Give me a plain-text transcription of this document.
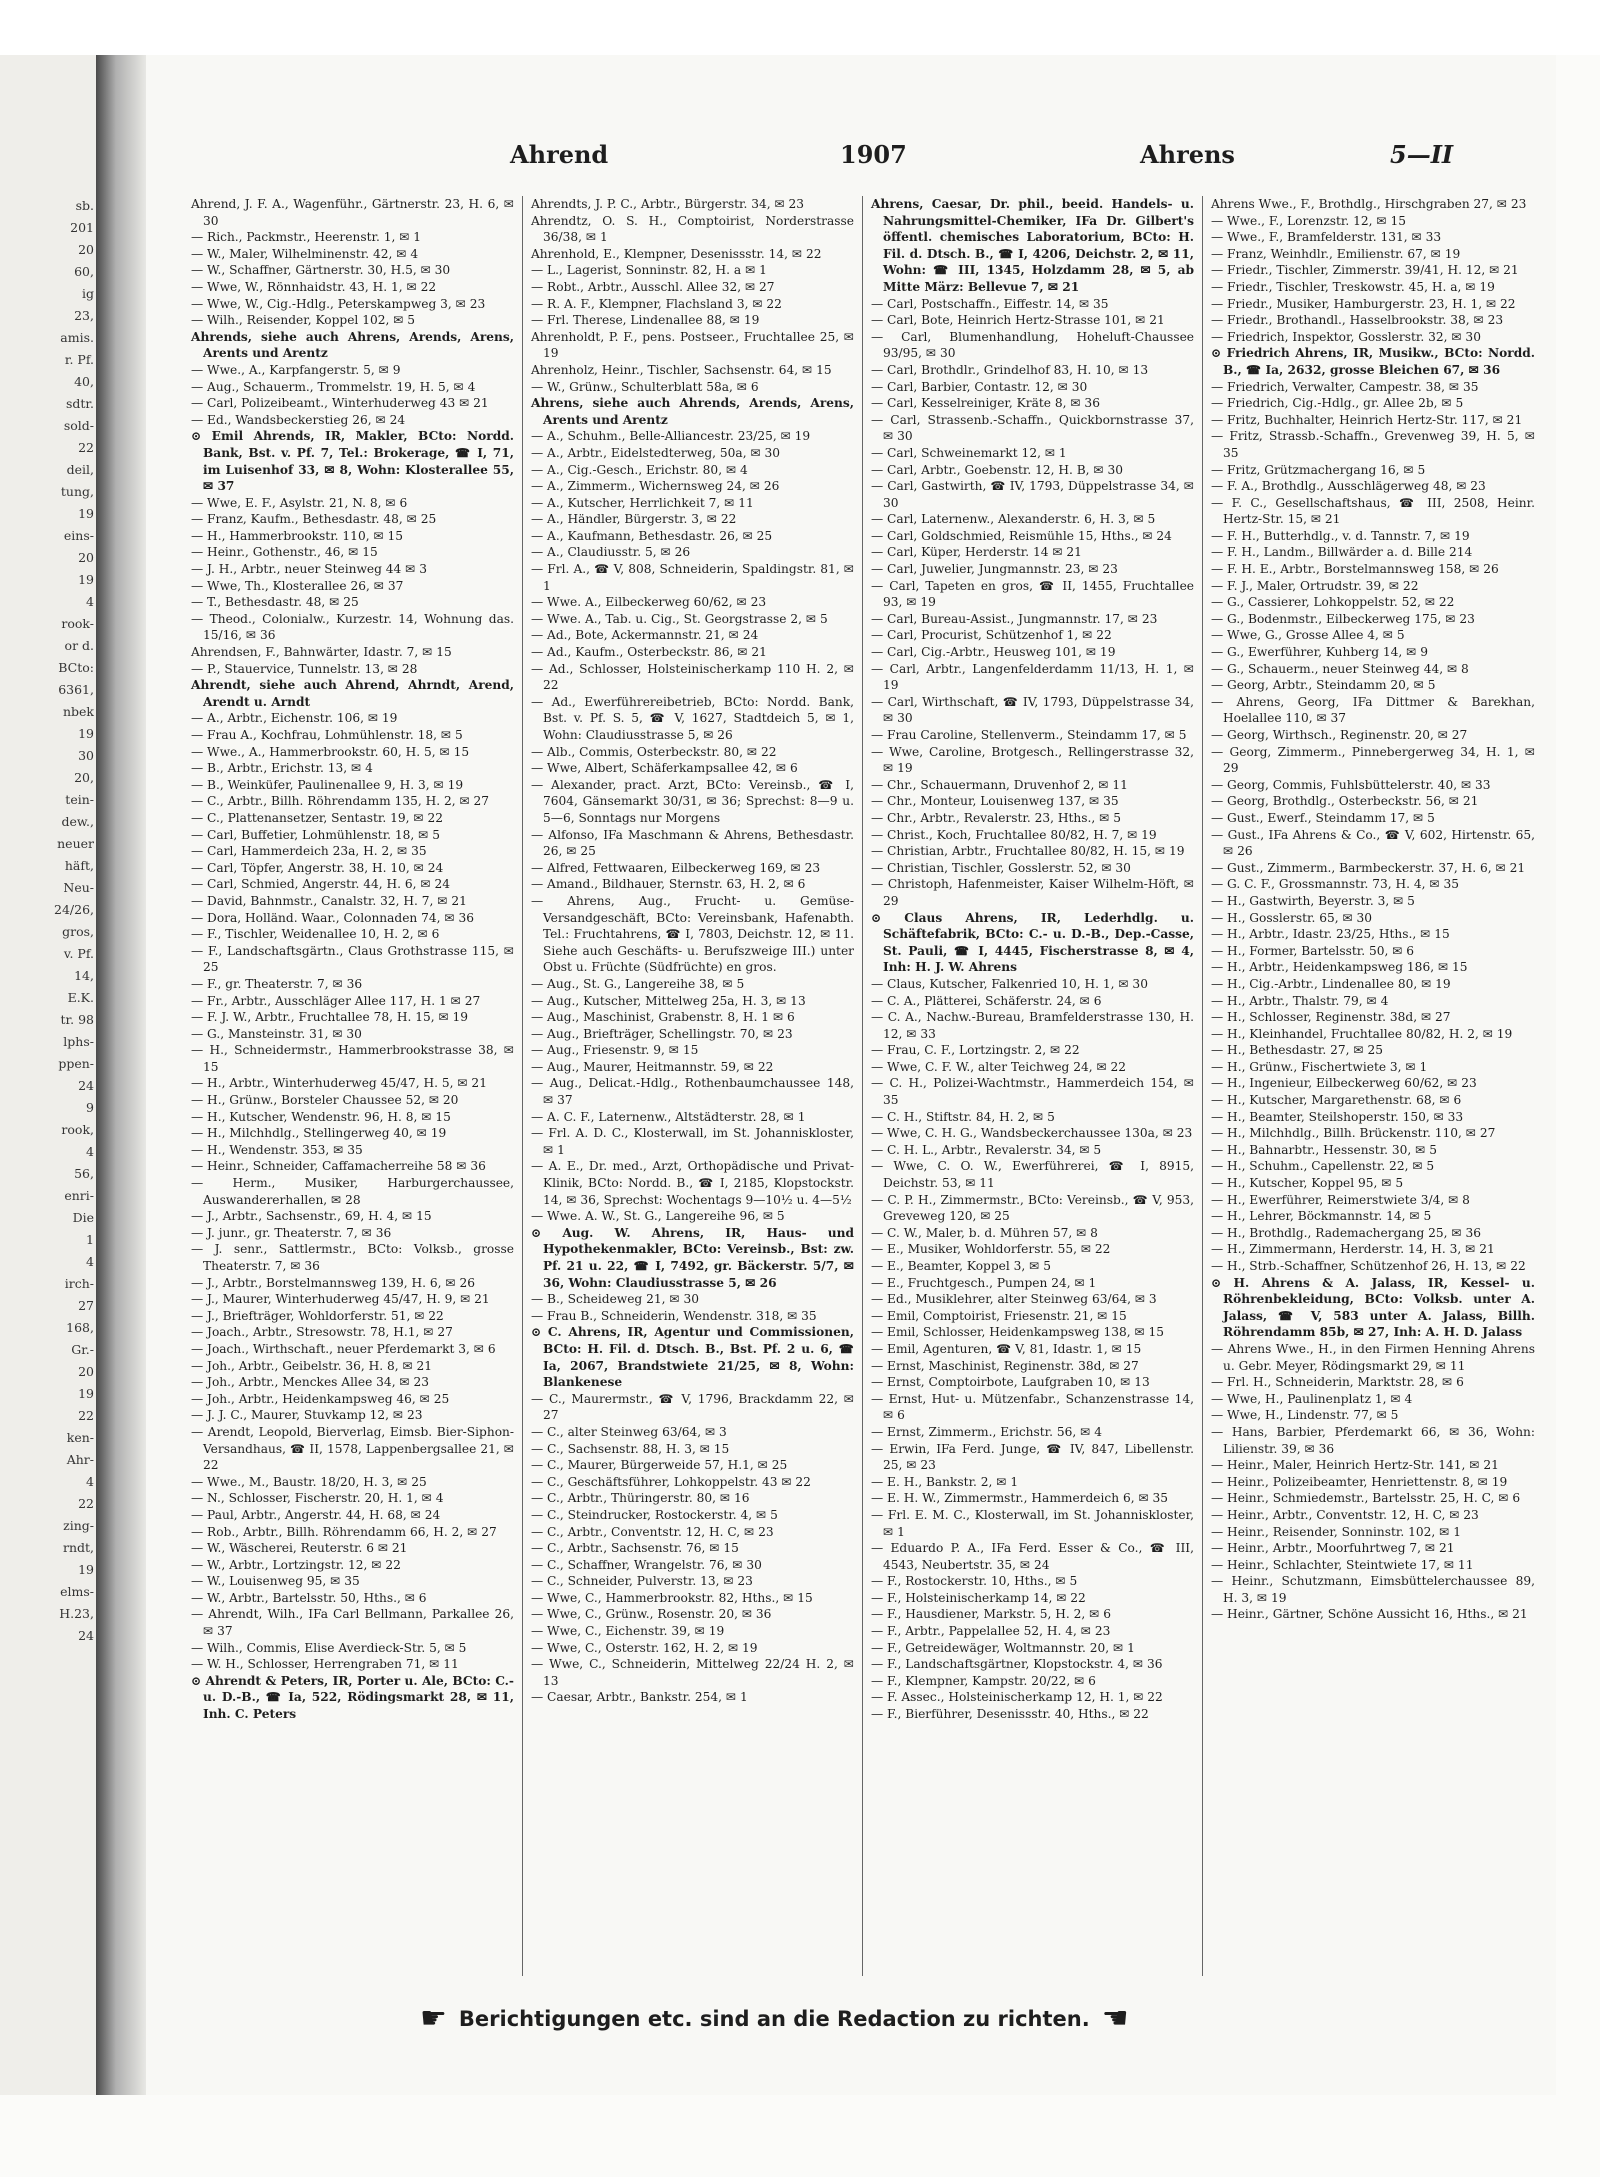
sb.
201
20
60,
ig
23,
amis.
r. Pf.
40,
sdtr.
sold-
22
deil,
tung,
19
eins-
20
19
4
rook-
or d.
BCto:
6361,
nbek
19
30
20,
tein-
dew.,
neuer
häft,
Neu-
24/26,
gros,
v. Pf.
14,
E.K.
tr. 98
lphs-
ppen-
24
9
rook,
4
56,
enri-
Die
1
4
irch-
27
168,
Gr.-
20
19
22
ken-
Ahr-
4
22
zing-
rndt,
19
elms-
H.23,
24
Ahrend	1907	Ahrens	5—II

Ahrend, J. F. A., Wagenführ., Gärtnerstr. 23, H. 6, ✉ 30

— Rich., Packmstr., Heerenstr. 1, ✉ 1

— W., Maler, Wilhelminenstr. 42, ✉ 4

— W., Schaffner, Gärtnerstr. 30, H.5, ✉ 30

— Wwe, W., Rönnhaidstr. 43, H. 1, ✉ 22

— Wwe, W., Cig.-Hdlg., Peterskampweg 3, ✉ 23

— Wilh., Reisender, Koppel 102, ✉ 5

Ahrends, siehe auch Ahrens, Arends, Arens, Arents und Arentz

— Wwe., A., Karpfangerstr. 5, ✉ 9

— Aug., Schauerm., Trommelstr. 19, H. 5, ✉ 4

— Carl, Polizeibeamt., Winterhuderweg 43 ✉ 21

— Ed., Wandsbeckerstieg 26, ✉ 24

⊙ Emil Ahrends, IR, Makler, BCto: Nordd. Bank, Bst. v. Pf. 7, Tel.: Brokerage, ☎ I, 71, im Luisenhof 33, ✉ 8, Wohn: Klosterallee 55, ✉ 37

— Wwe, E. F., Asylstr. 21, N. 8, ✉ 6

— Franz, Kaufm., Bethesdastr. 48, ✉ 25

— H., Hammerbrookstr. 110, ✉ 15

— Heinr., Gothenstr., 46, ✉ 15

— J. H., Arbtr., neuer Steinweg 44 ✉ 3

— Wwe, Th., Klosterallee 26, ✉ 37

— T., Bethesdastr. 48, ✉ 25

— Theod., Colonialw., Kurzestr. 14, Wohnung das. 15/16, ✉ 36

Ahrendsen, F., Bahnwärter, Idastr. 7, ✉ 15

— P., Stauervice, Tunnelstr. 13, ✉ 28

Ahrendt, siehe auch Ahrend, Ahrndt, Arend, Arendt u. Arndt

— A., Arbtr., Eichenstr. 106, ✉ 19

— Frau A., Kochfrau, Lohmühlenstr. 18, ✉ 5

— Wwe., A., Hammerbrookstr. 60, H. 5, ✉ 15

— B., Arbtr., Erichstr. 13, ✉ 4

— B., Weinküfer, Paulinenallee 9, H. 3, ✉ 19

— C., Arbtr., Billh. Röhrendamm 135, H. 2, ✉ 27

— C., Plattenansetzer, Sentastr. 19, ✉ 22

— Carl, Buffetier, Lohmühlenstr. 18, ✉ 5

— Carl, Hammerdeich 23a, H. 2, ✉ 35

— Carl, Töpfer, Angerstr. 38, H. 10, ✉ 24

— Carl, Schmied, Angerstr. 44, H. 6, ✉ 24

— David, Bahnmstr., Canalstr. 32, H. 7, ✉ 21

— Dora, Holländ. Waar., Colonnaden 74, ✉ 36

— F., Tischler, Weidenallee 10, H. 2, ✉ 6

— F., Landschaftsgärtn., Claus Grothstrasse 115, ✉ 25

— F., gr. Theaterstr. 7, ✉ 36

— Fr., Arbtr., Ausschläger Allee 117, H. 1 ✉ 27

— F. J. W., Arbtr., Fruchtallee 78, H. 15, ✉ 19

— G., Mansteinstr. 31, ✉ 30

— H., Schneidermstr., Hammerbrookstrasse 38, ✉ 15

— H., Arbtr., Winterhuderweg 45/47, H. 5, ✉ 21

— H., Grünw., Borsteler Chaussee 52, ✉ 20

— H., Kutscher, Wendenstr. 96, H. 8, ✉ 15

— H., Milchhdlg., Stellingerweg 40, ✉ 19

— H., Wendenstr. 353, ✉ 35

— Heinr., Schneider, Caffamacherreihe 58 ✉ 36

— Herm., Musiker, Harburgerchaussee, Auswandererhallen, ✉ 28

— J., Arbtr., Sachsenstr., 69, H. 4, ✉ 15

— J. junr., gr. Theaterstr. 7, ✉ 36

— J. senr., Sattlermstr., BCto: Volksb., grosse Theaterstr. 7, ✉ 36

— J., Arbtr., Borstelmannsweg 139, H. 6, ✉ 26

— J., Maurer, Winterhuderweg 45/47, H. 9, ✉ 21

— J., Briefträger, Wohldorferstr. 51, ✉ 22

— Joach., Arbtr., Stresowstr. 78, H.1, ✉ 27

— Joach., Wirthschaft., neuer Pferdemarkt 3, ✉ 6

— Joh., Arbtr., Geibelstr. 36, H. 8, ✉ 21

— Joh., Arbtr., Menckes Allee 34, ✉ 23

— Joh., Arbtr., Heidenkampsweg 46, ✉ 25

— J. J. C., Maurer, Stuvkamp 12, ✉ 23

— Arendt, Leopold, Bierverlag, Eimsb. Bier-Siphon-Versandhaus, ☎ II, 1578, Lappenbergsallee 21, ✉ 22

— Wwe., M., Baustr. 18/20, H. 3, ✉ 25

— N., Schlosser, Fischerstr. 20, H. 1, ✉ 4

— Paul, Arbtr., Angerstr. 44, H. 68, ✉ 24

— Rob., Arbtr., Billh. Röhrendamm 66, H. 2, ✉ 27

— W., Wäscherei, Reuterstr. 6 ✉ 21

— W., Arbtr., Lortzingstr. 12, ✉ 22

— W., Louisenweg 95, ✉ 35

— W., Arbtr., Bartelsstr. 50, Hths., ✉ 6

— Ahrendt, Wilh., IFa Carl Bellmann, Parkallee 26, ✉ 37

— Wilh., Commis, Elise Averdieck-Str. 5, ✉ 5

— W. H., Schlosser, Herrengraben 71, ✉ 11

⊙ Ahrendt & Peters, IR, Porter u. Ale, BCto: C.- u. D.-B., ☎ Ia, 522, Rödingsmarkt 28, ✉ 11, Inh. C. Peters

Ahrendts, J. P. C., Arbtr., Bürgerstr. 34, ✉ 23

Ahrendtz, O. S. H., Comptoirist, Norderstrasse 36/38, ✉ 1

Ahrenhold, E., Klempner, Desenissstr. 14, ✉ 22

— L., Lagerist, Sonninstr. 82, H. a ✉ 1

— Robt., Arbtr., Ausschl. Allee 32, ✉ 27

— R. A. F., Klempner, Flachsland 3, ✉ 22

— Frl. Therese, Lindenallee 88, ✉ 19

Ahrenholdt, P. F., pens. Postseer., Fruchtallee 25, ✉ 19

Ahrenholz, Heinr., Tischler, Sachsenstr. 64, ✉ 15

— W., Grünw., Schulterblatt 58a, ✉ 6

Ahrens, siehe auch Ahrends, Arends, Arens, Arents und Arentz

— A., Schuhm., Belle-Alliancestr. 23/25, ✉ 19

— A., Arbtr., Eidelstedterweg, 50a, ✉ 30

— A., Cig.-Gesch., Erichstr. 80, ✉ 4

— A., Zimmerm., Wichernsweg 24, ✉ 26

— A., Kutscher, Herrlichkeit 7, ✉ 11

— A., Händler, Bürgerstr. 3, ✉ 22

— A., Kaufmann, Bethesdastr. 26, ✉ 25

— A., Claudiusstr. 5, ✉ 26

— Frl. A., ☎ V, 808, Schneiderin, Spaldingstr. 81, ✉ 1

— Wwe. A., Eilbeckerweg 60/62, ✉ 23

— Wwe. A., Tab. u. Cig., St. Georgstrasse 2, ✉ 5

— Ad., Bote, Ackermannstr. 21, ✉ 24

— Ad., Kaufm., Osterbeckstr. 86, ✉ 21

— Ad., Schlosser, Holsteinischerkamp 110 H. 2, ✉ 22

— Ad., Ewerführereibetrieb, BCto: Nordd. Bank, Bst. v. Pf. S. 5, ☎ V, 1627, Stadtdeich 5, ✉ 1, Wohn: Claudiusstrasse 5, ✉ 26

— Alb., Commis, Osterbeckstr. 80, ✉ 22

— Wwe, Albert, Schäferkampsallee 42, ✉ 6

— Alexander, pract. Arzt, BCto: Vereinsb., ☎ I, 7604, Gänsemarkt 30/31, ✉ 36; Sprechst: 8—9 u. 5—6, Sonntags nur Morgens

— Alfonso, IFa Maschmann & Ahrens, Bethesdastr. 26, ✉ 25

— Alfred, Fettwaaren, Eilbeckerweg 169, ✉ 23

— Amand., Bildhauer, Sternstr. 63, H. 2, ✉ 6

— Ahrens, Aug., Frucht- u. Gemüse-Versandgeschäft, BCto: Vereinsbank, Hafenabth. Tel.: Fruchtahrens, ☎ I, 7803, Deichstr. 12, ✉ 11. Siehe auch Geschäfts- u. Berufszweige III.) unter Obst u. Früchte (Südfrüchte) en gros.

— Aug., St. G., Langereihe 38, ✉ 5

— Aug., Kutscher, Mittelweg 25a, H. 3, ✉ 13

— Aug., Maschinist, Grabenstr. 8, H. 1 ✉ 6

— Aug., Briefträger, Schellingstr. 70, ✉ 23

— Aug., Friesenstr. 9, ✉ 15

— Aug., Maurer, Heitmannstr. 59, ✉ 22

— Aug., Delicat.-Hdlg., Rothenbaumchaussee 148, ✉ 37

— A. C. F., Laternenw., Altstädterstr. 28, ✉ 1

— Frl. A. D. C., Klosterwall, im St. Johanniskloster, ✉ 1

— A. E., Dr. med., Arzt, Orthopädische und Privat-Klinik, BCto: Nordd. B., ☎ I, 2185, Klopstockstr. 14, ✉ 36, Sprechst: Wochentags 9—10½ u. 4—5½

— Wwe. A. W., St. G., Langereihe 96, ✉ 5

⊙ Aug. W. Ahrens, IR, Haus- und Hypothekenmakler, BCto: Vereinsb., Bst: zw. Pf. 21 u. 22, ☎ I, 7492, gr. Bäckerstr. 5/7, ✉ 36, Wohn: Claudiusstrasse 5, ✉ 26

— B., Scheideweg 21, ✉ 30

— Frau B., Schneiderin, Wendenstr. 318, ✉ 35

⊙ C. Ahrens, IR, Agentur und Commissionen, BCto: H. Fil. d. Dtsch. B., Bst. Pf. 2 u. 6, ☎ Ia, 2067, Brandstwiete 21/25, ✉ 8, Wohn: Blankenese

— C., Maurermstr., ☎ V, 1796, Brackdamm 22, ✉ 27

— C., alter Steinweg 63/64, ✉ 3

— C., Sachsenstr. 88, H. 3, ✉ 15

— C., Maurer, Bürgerweide 57, H.1, ✉ 25

— C., Geschäftsführer, Lohkoppelstr. 43 ✉ 22

— C., Arbtr., Thüringerstr. 80, ✉ 16

— C., Steindrucker, Rostockerstr. 4, ✉ 5

— C., Arbtr., Conventstr. 12, H. C, ✉ 23

— C., Arbtr., Sachsenstr. 76, ✉ 15

— C., Schaffner, Wrangelstr. 76, ✉ 30

— C., Schneider, Pulverstr. 13, ✉ 23

— Wwe, C., Hammerbrookstr. 82, Hths., ✉ 15

— Wwe, C., Grünw., Rosenstr. 20, ✉ 36

— Wwe, C., Eichenstr. 39, ✉ 19

— Wwe, C., Osterstr. 162, H. 2, ✉ 19

— Wwe, C., Schneiderin, Mittelweg 22/24 H. 2, ✉ 13

— Caesar, Arbtr., Bankstr. 254, ✉ 1

Ahrens, Caesar, Dr. phil., beeid. Handels- u. Nahrungsmittel-Chemiker, IFa Dr. Gilbert's öffentl. chemisches Laboratorium, BCto: H. Fil. d. Dtsch. B., ☎ I, 4206, Deichstr. 2, ✉ 11, Wohn: ☎ III, 1345, Holzdamm 28, ✉ 5, ab Mitte März: Bellevue 7, ✉ 21

— Carl, Postschaffn., Eiffestr. 14, ✉ 35

— Carl, Bote, Heinrich Hertz-Strasse 101, ✉ 21

— Carl, Blumenhandlung, Hoheluft-Chaussee 93/95, ✉ 30

— Carl, Brothdlr., Grindelhof 83, H. 10, ✉ 13

— Carl, Barbier, Contastr. 12, ✉ 30

— Carl, Kesselreiniger, Kräte 8, ✉ 36

— Carl, Strassenb.-Schaffn., Quickbornstrasse 37, ✉ 30

— Carl, Schweinemarkt 12, ✉ 1

— Carl, Arbtr., Goebenstr. 12, H. B, ✉ 30

— Carl, Gastwirth, ☎ IV, 1793, Düppelstrasse 34, ✉ 30

— Carl, Laternenw., Alexanderstr. 6, H. 3, ✉ 5

— Carl, Goldschmied, Reismühle 15, Hths., ✉ 24

— Carl, Küper, Herderstr. 14 ✉ 21

— Carl, Juwelier, Jungmannstr. 23, ✉ 23

— Carl, Tapeten en gros, ☎ II, 1455, Fruchtallee 93, ✉ 19

— Carl, Bureau-Assist., Jungmannstr. 17, ✉ 23

— Carl, Procurist, Schützenhof 1, ✉ 22

— Carl, Cig.-Arbtr., Heusweg 101, ✉ 19

— Carl, Arbtr., Langenfelderdamm 11/13, H. 1, ✉ 19

— Carl, Wirthschaft, ☎ IV, 1793, Düppelstrasse 34, ✉ 30

— Frau Caroline, Stellenverm., Steindamm 17, ✉ 5

— Wwe, Caroline, Brotgesch., Rellingerstrasse 32, ✉ 19

— Chr., Schauermann, Druvenhof 2, ✉ 11

— Chr., Monteur, Louisenweg 137, ✉ 35

— Chr., Arbtr., Revalerstr. 23, Hths., ✉ 5

— Christ., Koch, Fruchtallee 80/82, H. 7, ✉ 19

— Christian, Arbtr., Fruchtallee 80/82, H. 15, ✉ 19

— Christian, Tischler, Gosslerstr. 52, ✉ 30

— Christoph, Hafenmeister, Kaiser Wilhelm-Höft, ✉ 29

⊙ Claus Ahrens, IR, Lederhdlg. u. Schäftefabrik, BCto: C.- u. D.-B., Dep.-Casse, St. Pauli, ☎ I, 4445, Fischerstrasse 8, ✉ 4, Inh: H. J. W. Ahrens

— Claus, Kutscher, Falkenried 10, H. 1, ✉ 30

— C. A., Plätterei, Schäferstr. 24, ✉ 6

— C. A., Nachw.-Bureau, Bramfelderstrasse 130, H. 12, ✉ 33

— Frau, C. F., Lortzingstr. 2, ✉ 22

— Wwe, C. F. W., alter Teichweg 24, ✉ 22

— C. H., Polizei-Wachtmstr., Hammerdeich 154, ✉ 35

— C. H., Stiftstr. 84, H. 2, ✉ 5

— Wwe, C. H. G., Wandsbeckerchaussee 130a, ✉ 23

— C. H. L., Arbtr., Revalerstr. 34, ✉ 5

— Wwe, C. O. W., Ewerführerei, ☎ I, 8915, Deichstr. 53, ✉ 11

— C. P. H., Zimmermstr., BCto: Vereinsb., ☎ V, 953, Greveweg 120, ✉ 25

— C. W., Maler, b. d. Mühren 57, ✉ 8

— E., Musiker, Wohldorferstr. 55, ✉ 22

— E., Beamter, Koppel 3, ✉ 5

— E., Fruchtgesch., Pumpen 24, ✉ 1

— Ed., Musiklehrer, alter Steinweg 63/64, ✉ 3

— Emil, Comptoirist, Friesenstr. 21, ✉ 15

— Emil, Schlosser, Heidenkampsweg 138, ✉ 15

— Emil, Agenturen, ☎ V, 81, Idastr. 1, ✉ 15

— Ernst, Maschinist, Reginenstr. 38d, ✉ 27

— Ernst, Comptoirbote, Laufgraben 10, ✉ 13

— Ernst, Hut- u. Mützenfabr., Schanzenstrasse 14, ✉ 6

— Ernst, Zimmerm., Erichstr. 56, ✉ 4

— Erwin, IFa Ferd. Junge, ☎ IV, 847, Libellenstr. 25, ✉ 23

— E. H., Bankstr. 2, ✉ 1

— E. H. W., Zimmermstr., Hammerdeich 6, ✉ 35

— Frl. E. M. C., Klosterwall, im St. Johanniskloster, ✉ 1

— Eduardo P. A., IFa Ferd. Esser & Co., ☎ III, 4543, Neubertstr. 35, ✉ 24

— F., Rostockerstr. 10, Hths., ✉ 5

— F., Holsteinischerkamp 14, ✉ 22

— F., Hausdiener, Markstr. 5, H. 2, ✉ 6

— F., Arbtr., Pappelallee 52, H. 4, ✉ 23

— F., Getreidewäger, Woltmannstr. 20, ✉ 1

— F., Landschaftsgärtner, Klopstockstr. 4, ✉ 36

— F., Klempner, Kampstr. 20/22, ✉ 6

— F. Assec., Holsteinischerkamp 12, H. 1, ✉ 22

— F., Bierführer, Desenissstr. 40, Hths., ✉ 22

Ahrens Wwe., F., Brothdlg., Hirschgraben 27, ✉ 23

— Wwe., F., Lorenzstr. 12, ✉ 15

— Wwe., F., Bramfelderstr. 131, ✉ 33

— Franz, Weinhdlr., Emilienstr. 67, ✉ 19

— Friedr., Tischler, Zimmerstr. 39/41, H. 12, ✉ 21

— Friedr., Tischler, Treskowstr. 45, H. a, ✉ 19

— Friedr., Musiker, Hamburgerstr. 23, H. 1, ✉ 22

— Friedr., Brothandl., Hasselbrookstr. 38, ✉ 23

— Friedrich, Inspektor, Gosslerstr. 32, ✉ 30

⊙ Friedrich Ahrens, IR, Musikw., BCto: Nordd. B., ☎ Ia, 2632, grosse Bleichen 67, ✉ 36

— Friedrich, Verwalter, Campestr. 38, ✉ 35

— Friedrich, Cig.-Hdlg., gr. Allee 2b, ✉ 5

— Fritz, Buchhalter, Heinrich Hertz-Str. 117, ✉ 21

— Fritz, Strassb.-Schaffn., Grevenweg 39, H. 5, ✉ 35

— Fritz, Grützmachergang 16, ✉ 5

— F. A., Brothdlg., Ausschlägerweg 48, ✉ 23

— F. C., Gesellschaftshaus, ☎ III, 2508, Heinr. Hertz-Str. 15, ✉ 21

— F. H., Butterhdlg., v. d. Tannstr. 7, ✉ 19

— F. H., Landm., Billwärder a. d. Bille 214

— F. H. E., Arbtr., Borstelmannsweg 158, ✉ 26

— F. J., Maler, Ortrudstr. 39, ✉ 22

— G., Cassierer, Lohkoppelstr. 52, ✉ 22

— G., Bodenmstr., Eilbeckerweg 175, ✉ 23

— Wwe, G., Grosse Allee 4, ✉ 5

— G., Ewerführer, Kuhberg 14, ✉ 9

— G., Schauerm., neuer Steinweg 44, ✉ 8

— Georg, Arbtr., Steindamm 20, ✉ 5

— Ahrens, Georg, IFa Dittmer & Barekhan, Hoelallee 110, ✉ 37

— Georg, Wirthsch., Reginenstr. 20, ✉ 27

— Georg, Zimmerm., Pinnebergerweg 34, H. 1, ✉ 29

— Georg, Commis, Fuhlsbüttelerstr. 40, ✉ 33

— Georg, Brothdlg., Osterbeckstr. 56, ✉ 21

— Gust., Ewerf., Steindamm 17, ✉ 5

— Gust., IFa Ahrens & Co., ☎ V, 602, Hirtenstr. 65, ✉ 26

— Gust., Zimmerm., Barmbeckerstr. 37, H. 6, ✉ 21

— G. C. F., Grossmannstr. 73, H. 4, ✉ 35

— H., Gastwirth, Beyerstr. 3, ✉ 5

— H., Gosslerstr. 65, ✉ 30

— H., Arbtr., Idastr. 23/25, Hths., ✉ 15

— H., Former, Bartelsstr. 50, ✉ 6

— H., Arbtr., Heidenkampsweg 186, ✉ 15

— H., Cig.-Arbtr., Lindenallee 80, ✉ 19

— H., Arbtr., Thalstr. 79, ✉ 4

— H., Schlosser, Reginenstr. 38d, ✉ 27

— H., Kleinhandel, Fruchtallee 80/82, H. 2, ✉ 19

— H., Bethesdastr. 27, ✉ 25

— H., Grünw., Fischertwiete 3, ✉ 1

— H., Ingenieur, Eilbeckerweg 60/62, ✉ 23

— H., Kutscher, Margarethenstr. 68, ✉ 6

— H., Beamter, Steilshoperstr. 150, ✉ 33

— H., Milchhdlg., Billh. Brückenstr. 110, ✉ 27

— H., Bahnarbtr., Hessenstr. 30, ✉ 5

— H., Schuhm., Capellenstr. 22, ✉ 5

— H., Kutscher, Koppel 95, ✉ 5

— H., Ewerführer, Reimerstwiete 3/4, ✉ 8

— H., Lehrer, Böckmannstr. 14, ✉ 5

— H., Brothdlg., Rademachergang 25, ✉ 36

— H., Zimmermann, Herderstr. 14, H. 3, ✉ 21

— H., Strb.-Schaffner, Schützenhof 26, H. 13, ✉ 22

⊙ H. Ahrens & A. Jalass, IR, Kessel- u. Röhrenbekleidung, BCto: Volksb. unter A. Jalass, ☎ V, 583 unter A. Jalass, Billh. Röhrendamm 85b, ✉ 27, Inh: A. H. D. Jalass

— Ahrens Wwe., H., in den Firmen Henning Ahrens u. Gebr. Meyer, Rödingsmarkt 29, ✉ 11

— Frl. H., Schneiderin, Marktstr. 28, ✉ 6

— Wwe, H., Paulinenplatz 1, ✉ 4

— Wwe, H., Lindenstr. 77, ✉ 5

— Hans, Barbier, Pferdemarkt 66, ✉ 36, Wohn: Lilienstr. 39, ✉ 36

— Heinr., Maler, Heinrich Hertz-Str. 141, ✉ 21

— Heinr., Polizeibeamter, Henriettenstr. 8, ✉ 19

— Heinr., Schmiedemstr., Bartelsstr. 25, H. C, ✉ 6

— Heinr., Arbtr., Conventstr. 12, H. C, ✉ 23

— Heinr., Reisender, Sonninstr. 102, ✉ 1

— Heinr., Arbtr., Moorfuhrtweg 7, ✉ 21

— Heinr., Schlachter, Steintwiete 17, ✉ 11

— Heinr., Schutzmann, Eimsbüttelerchaussee 89, H. 3, ✉ 19

— Heinr., Gärtner, Schöne Aussicht 16, Hths., ✉ 21

☛ Berichtigungen etc. sind an die Redaction zu richten. ☚
